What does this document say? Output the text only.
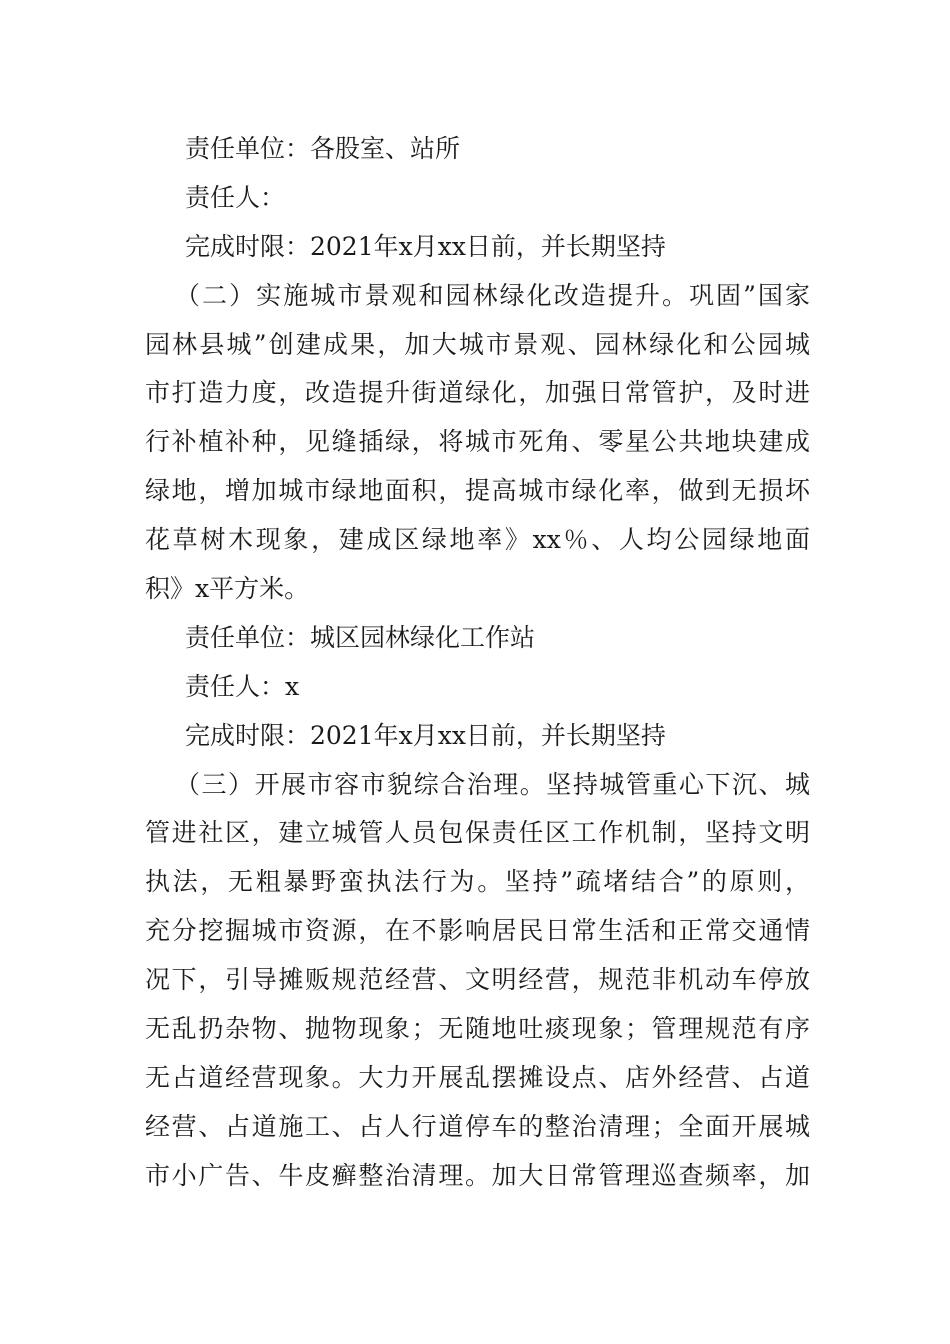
责任单位：各股室、站所
责任人：
完成时限：2021年x月xx日前，并长期坚持
（二）实施城市景观和园林绿化改造提升。巩固”国家
园林县城”创建成果，加大城市景观、园林绿化和公园城
市打造力度，改造提升街道绿化，加强日常管护，及时进
行补植补种，见缝插绿，将城市死角、零星公共地块建成
绿地，增加城市绿地面积，提高城市绿化率，做到无损坏
花草树木现象，建成区绿地率》xx％、人均公园绿地面
积》x平方米。
责任单位：城区园林绿化工作站
责任人：x
完成时限：2021年x月xx日前，并长期坚持
（三）开展市容市貌综合治理。坚持城管重心下沉、城
管进社区，建立城管人员包保责任区工作机制，坚持文明
执法，无粗暴野蛮执法行为。坚持”疏堵结合”的原则，
充分挖掘城市资源，在不影响居民日常生活和正常交通情
况下，引导摊贩规范经营、文明经营，规范非机动车停放
无乱扔杂物、抛物现象；无随地吐痰现象；管理规范有序
无占道经营现象。大力开展乱摆摊设点、店外经营、占道
经营、占道施工、占人行道停车的整治清理；全面开展城
市小广告、牛皮癣整治清理。加大日常管理巡查频率，加
